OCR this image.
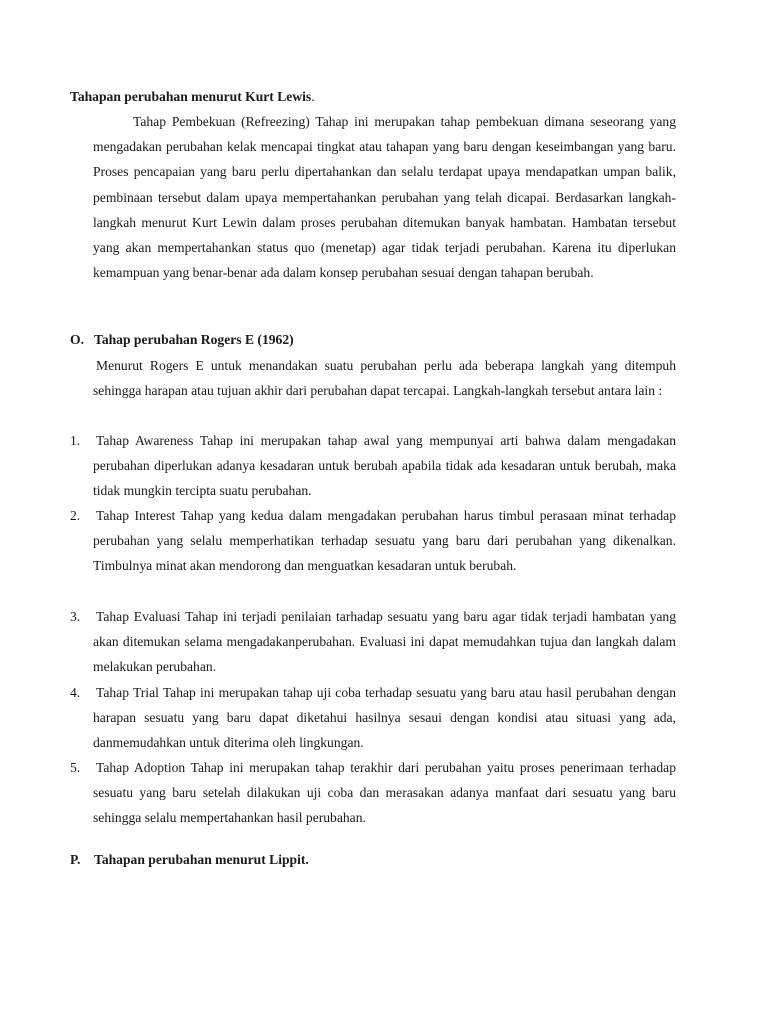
Tahapan perubahan menurut Kurt Lewis.

Tahap Pembekuan (Refreezing) Tahap ini merupakan tahap pembekuan dimana seseorang yang mengadakan perubahan kelak mencapai tingkat atau tahapan yang baru dengan keseimbangan yang baru. Proses pencapaian yang baru perlu dipertahankan dan selalu terdapat upaya mendapatkan umpan balik, pembinaan tersebut dalam upaya mempertahankan perubahan yang telah dicapai. Berdasarkan langkah-langkah menurut Kurt Lewin dalam proses perubahan ditemukan banyak hambatan. Hambatan tersebut yang akan mempertahankan status quo (menetap) agar tidak terjadi perubahan. Karena itu diperlukan kemampuan yang benar-benar ada dalam konsep perubahan sesuai dengan tahapan berubah.

O. Tahap perubahan Rogers E (1962)

Menurut Rogers E untuk menandakan suatu perubahan perlu ada beberapa langkah yang ditempuh sehingga harapan atau tujuan akhir dari perubahan dapat tercapai. Langkah-langkah tersebut antara lain :

1. Tahap Awareness Tahap ini merupakan tahap awal yang mempunyai arti bahwa dalam mengadakan perubahan diperlukan adanya kesadaran untuk berubah apabila tidak ada kesadaran untuk berubah, maka tidak mungkin tercipta suatu perubahan.

2. Tahap Interest Tahap yang kedua dalam mengadakan perubahan harus timbul perasaan minat terhadap perubahan yang selalu memperhatikan terhadap sesuatu yang baru dari perubahan yang dikenalkan. Timbulnya minat akan mendorong dan menguatkan kesadaran untuk berubah.

3. Tahap Evaluasi Tahap ini terjadi penilaian tarhadap sesuatu yang baru agar tidak terjadi hambatan yang akan ditemukan selama mengadakanperubahan. Evaluasi ini dapat memudahkan tujua dan langkah dalam melakukan perubahan.

4. Tahap Trial Tahap ini merupakan tahap uji coba terhadap sesuatu yang baru atau hasil perubahan dengan harapan sesuatu yang baru dapat diketahui hasilnya sesaui dengan kondisi atau situasi yang ada, danmemudahkan untuk diterima oleh lingkungan.

5. Tahap Adoption Tahap ini merupakan tahap terakhir dari perubahan yaitu proses penerimaan terhadap sesuatu yang baru setelah dilakukan uji coba dan merasakan adanya manfaat dari sesuatu yang baru sehingga selalu mempertahankan hasil perubahan.

P. Tahapan perubahan menurut Lippit.
